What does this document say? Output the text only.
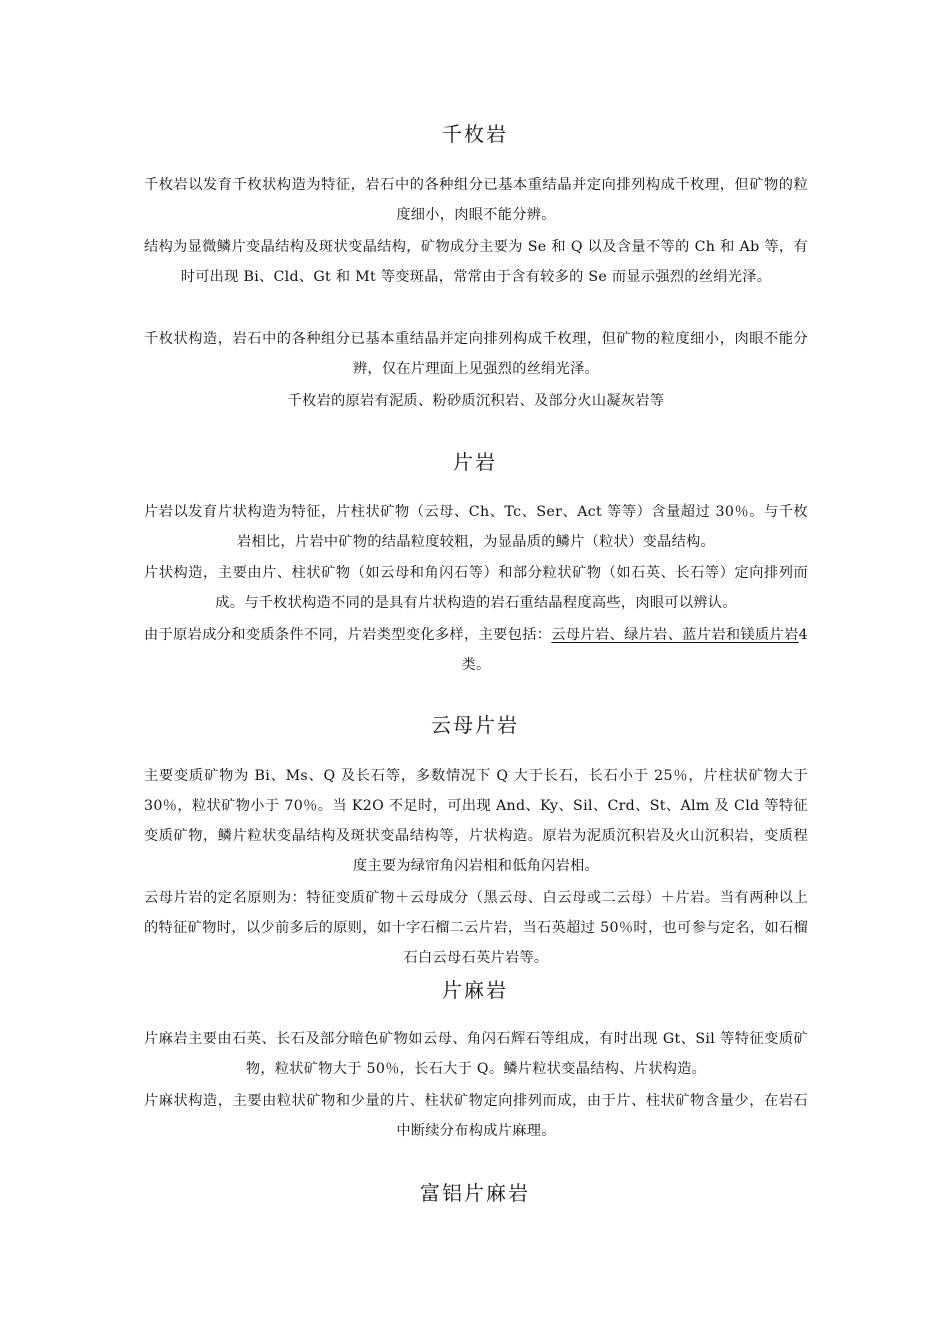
千枚岩
千枚岩以发育千枚状构造为特征，岩石中的各种组分已基本重结晶并定向排列构成千枚理，但矿物的粒度细小，肉眼不能分辨。
结构为显微鳞片变晶结构及斑状变晶结构，矿物成分主要为 Se 和 Q 以及含量不等的 Ch 和 Ab 等，有时可出现 Bi、Cld、Gt 和 Mt 等变斑晶，常常由于含有较多的 Se 而显示强烈的丝绢光泽。
千枚状构造，岩石中的各种组分已基本重结晶并定向排列构成千枚理，但矿物的粒度细小，肉眼不能分辨，仅在片理面上见强烈的丝绢光泽。
千枚岩的原岩有泥质、粉砂质沉积岩、及部分火山凝灰岩等
片岩
片岩以发育片状构造为特征，片柱状矿物（云母、Ch、Tc、Ser、Act 等等）含量超过 30％。与千枚岩相比，片岩中矿物的结晶粒度较粗，为显晶质的鳞片（粒状）变晶结构。
片状构造，主要由片、柱状矿物（如云母和角闪石等）和部分粒状矿物（如石英、长石等）定向排列而成。与千枚状构造不同的是具有片状构造的岩石重结晶程度高些，肉眼可以辨认。
由于原岩成分和变质条件不同，片岩类型变化多样，主要包括：云母片岩、绿片岩、蓝片岩和镁质片岩4 类。
云母片岩
主要变质矿物为 Bi、Ms、Q 及长石等，多数情况下 Q 大于长石，长石小于 25％，片柱状矿物大于 30％，粒状矿物小于 70％。当 K2O 不足时，可出现 And、Ky、Sil、Crd、St、Alm 及 Cld 等特征变质矿物，鳞片粒状变晶结构及斑状变晶结构等，片状构造。原岩为泥质沉积岩及火山沉积岩，变质程度主要为绿帘角闪岩相和低角闪岩相。
云母片岩的定名原则为：特征变质矿物＋云母成分（黑云母、白云母或二云母）＋片岩。当有两种以上的特征矿物时，以少前多后的原则，如十字石榴二云片岩，当石英超过 50％时，也可参与定名，如石榴石白云母石英片岩等。
片麻岩
片麻岩主要由石英、长石及部分暗色矿物如云母、角闪石辉石等组成，有时出现 Gt、Sil 等特征变质矿物，粒状矿物大于 50％，长石大于 Q。鳞片粒状变晶结构、片状构造。
片麻状构造，主要由粒状矿物和少量的片、柱状矿物定向排列而成，由于片、柱状矿物含量少，在岩石中断续分布构成片麻理。
富铝片麻岩
